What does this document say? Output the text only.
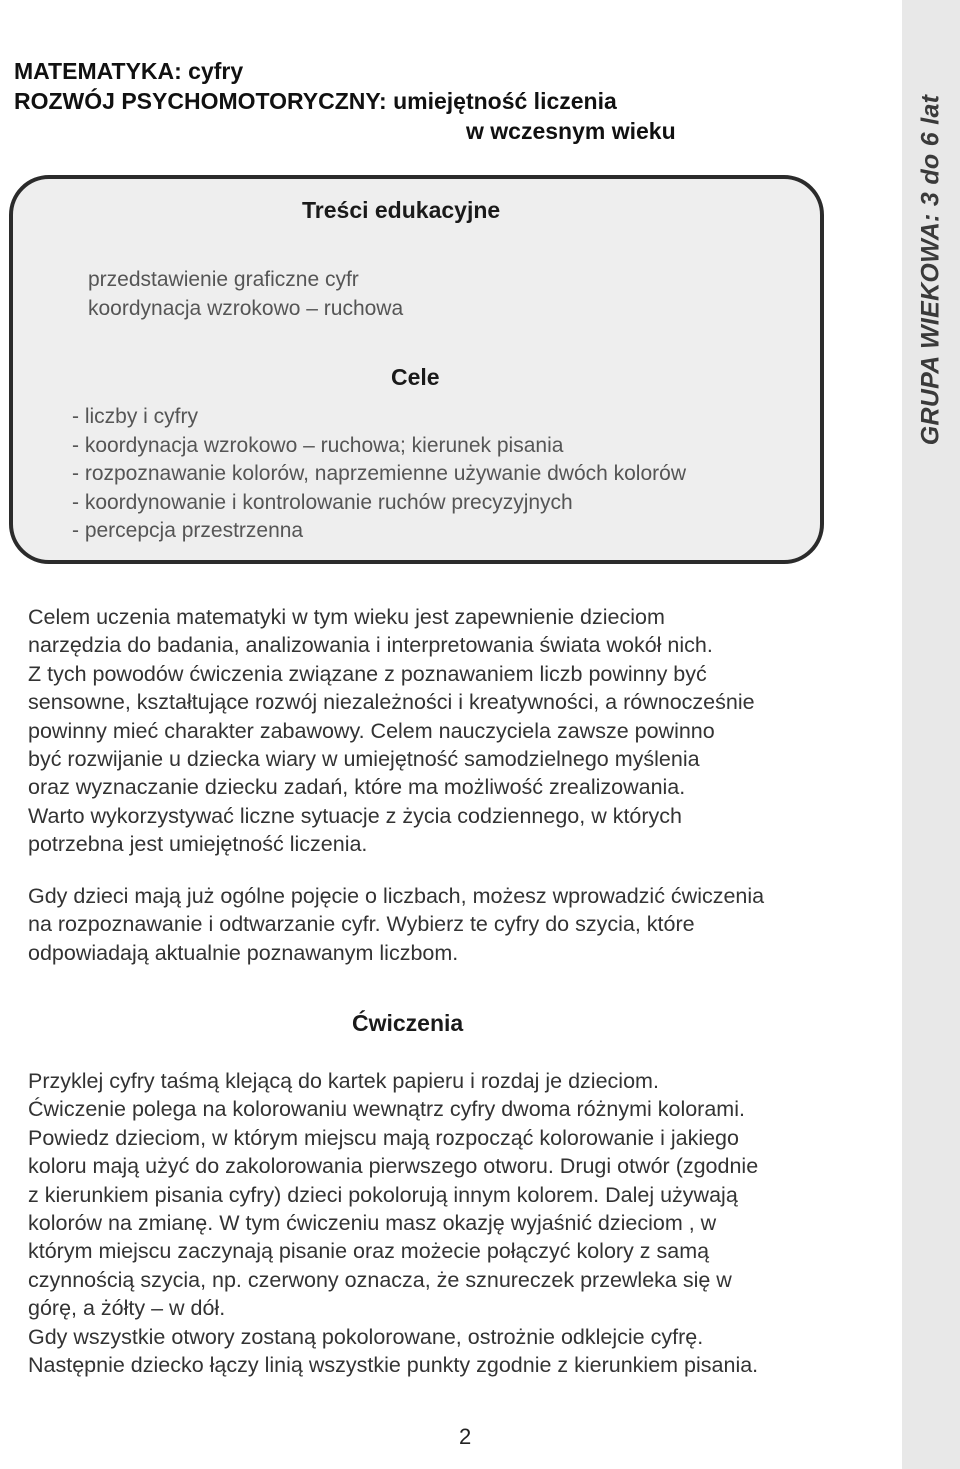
GRUPA WIEKOWA: 3 do 6 lat
MATEMATYKA: cyfry
ROZWÓJ PSYCHOMOTORYCZNY: umiejętność liczenia

w wczesnym wieku
Treści edukacyjne
przedstawienie graficzne cyfr
koordynacja wzrokowo – ruchowa
Cele
- liczby i cyfry
- koordynacja wzrokowo – ruchowa; kierunek pisania
- rozpoznawanie kolorów, naprzemienne używanie dwóch kolorów
- koordynowanie i kontrolowanie ruchów precyzyjnych
- percepcja przestrzenna
Celem uczenia matematyki w tym wieku jest zapewnienie dzieciom
narzędzia do badania, analizowania i interpretowania świata wokół nich.
Z tych powodów ćwiczenia związane z poznawaniem liczb powinny być
sensowne, kształtujące rozwój niezależności i kreatywności, a równocześnie
powinny mieć charakter zabawowy. Celem nauczyciela zawsze powinno
być rozwijanie u dziecka wiary w umiejętność samodzielnego myślenia
oraz wyznaczanie dziecku zadań, które ma możliwość zrealizowania.
Warto wykorzystywać liczne sytuacje z życia codziennego, w których
potrzebna jest umiejętność liczenia.
Gdy dzieci mają już ogólne pojęcie o liczbach, możesz wprowadzić ćwiczenia
na rozpoznawanie i odtwarzanie cyfr. Wybierz te cyfry do szycia, które
odpowiadają aktualnie poznawanym liczbom.
Ćwiczenia
Przyklej cyfry taśmą klejącą do kartek papieru i rozdaj je dzieciom.
Ćwiczenie polega na kolorowaniu wewnątrz cyfry dwoma różnymi kolorami.
Powiedz dzieciom, w którym miejscu mają rozpocząć kolorowanie i jakiego
koloru mają użyć do zakolorowania pierwszego otworu. Drugi otwór (zgodnie
z kierunkiem pisania cyfry) dzieci pokolorują innym kolorem. Dalej używają
kolorów na zmianę. W tym ćwiczeniu masz okazję wyjaśnić dzieciom , w
którym miejscu zaczynają pisanie oraz możecie połączyć kolory z samą
czynnością szycia, np. czerwony oznacza, że sznureczek przewleka się w
górę, a żółty – w dół.
Gdy wszystkie otwory zostaną pokolorowane, ostrożnie odklejcie cyfrę.
Następnie dziecko łączy linią wszystkie punkty zgodnie z kierunkiem pisania.
2
